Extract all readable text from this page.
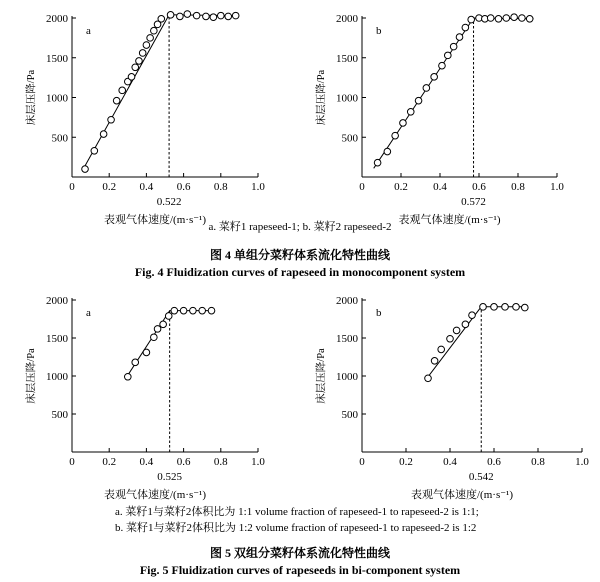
0.2 0.4 0.6 0.8 1.0
0
500
1000
1500
2000
床层压降/Pa
表观气体速度/(m·s⁻¹)
a
0.522
0.2 0.4 0.6 0.8 1.0
0
500
1000
1500
2000
床层压降/Pa
表观气体速度/(m·s⁻¹)
b
0.572
a. 菜籽1 rapeseed-1; b. 菜籽2 rapeseed-2
图 4 单组分菜籽体系流化特性曲线
Fig. 4 Fluidization curves of rapeseed in monocomponent system
0.2 0.4 0.6 0.8 1.0
0
500
1000
1500
2000
床层压降/Pa
表观气体速度/(m·s⁻¹)
a
0.525
0.2	0.4	0.6	0.8	1.0
0
500
1000
1500
2000
床层压降/Pa
表观气体速度/(m·s⁻¹)
b
0.542
a. 菜籽1与菜籽2体积比为 1:1 volume fraction of rapeseed-1 to rapeseed-2 is 1:1;
b. 菜籽1与菜籽2体积比为 1:2 volume fraction of rapeseed-1 to rapeseed-2 is 1:2
图 5 双组分菜籽体系流化特性曲线
Fig. 5 Fluidization curves of rapeseeds in bi-component system
